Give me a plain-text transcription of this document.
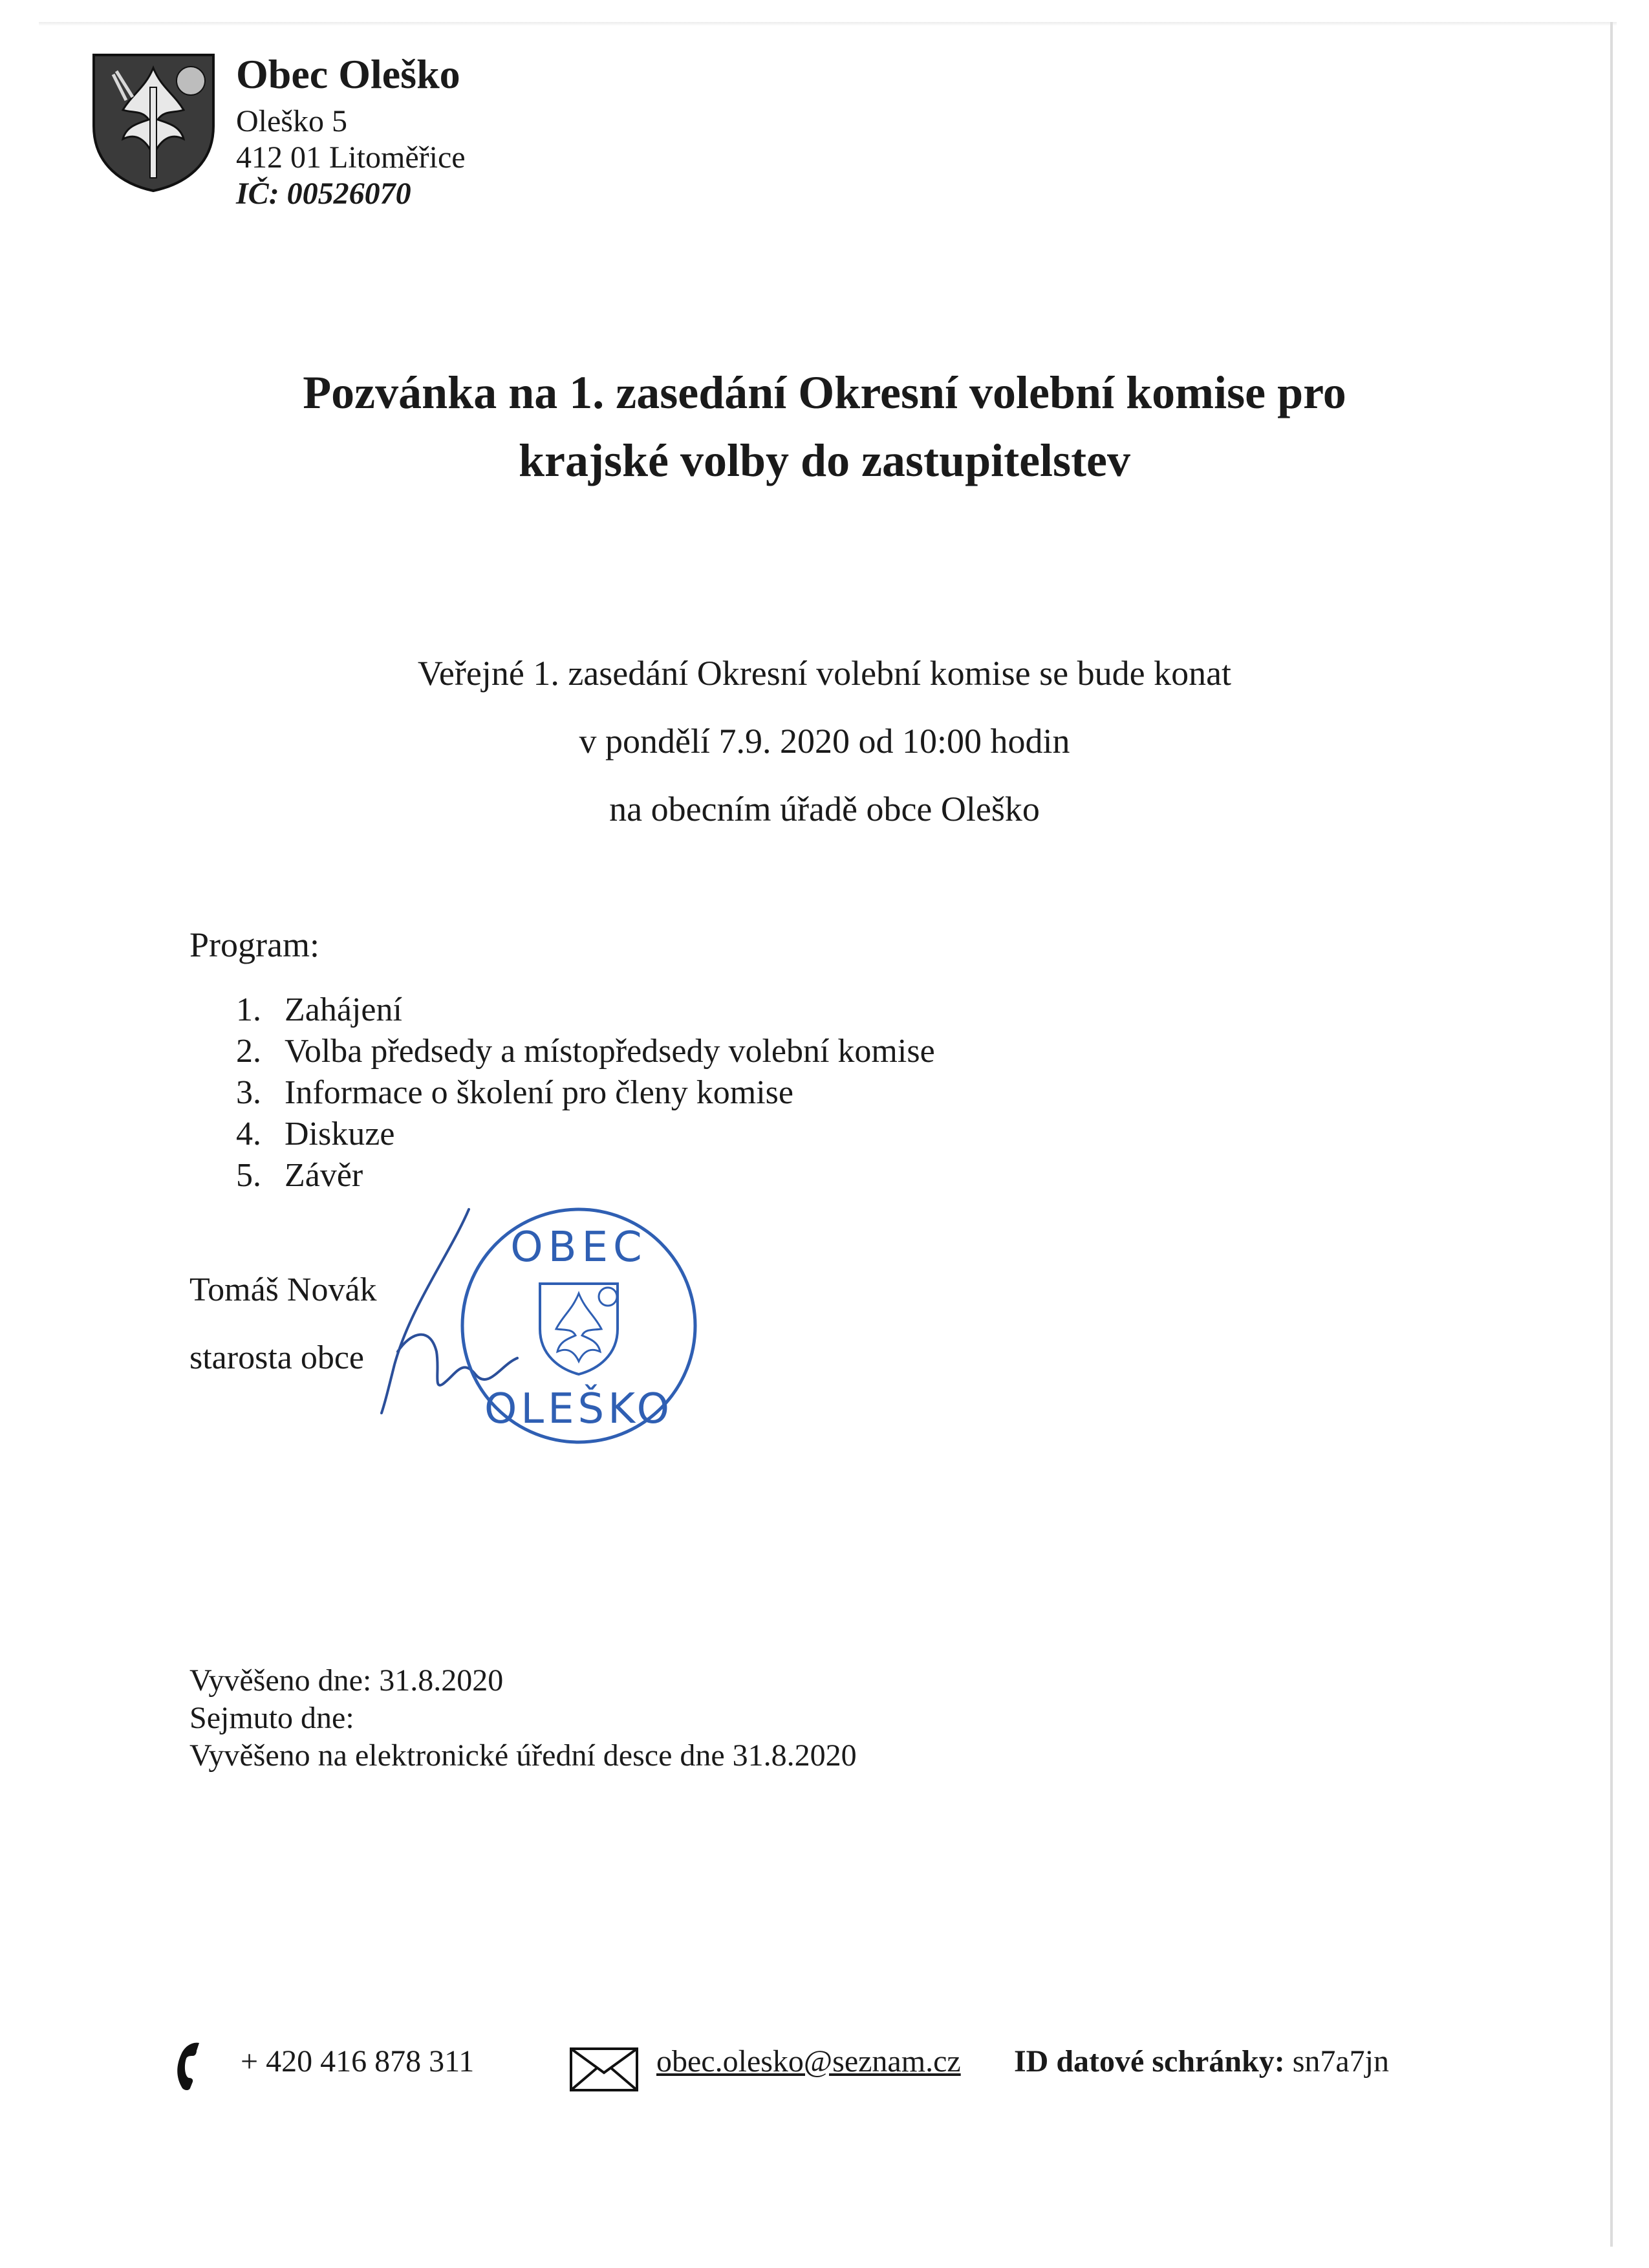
Obec Oleško
Oleško 5
412 01 Litoměřice
IČ: 00526070
Pozvánka na 1. zasedání Okresní volební komise pro
krajské volby do zastupitelstev
Veřejné 1. zasedání Okresní volební komise se bude konat
v pondělí 7.9. 2020 od 10:00 hodin
na obecním úřadě obce Oleško
Program:
1. Zahájení
2. Volba předsedy a místopředsedy volební komise
3. Informace o školení pro členy komise
4. Diskuze
5. Závěr
Tomáš Novák
starosta obce
OBEC
OLEŠKO
Vyvěšeno dne: 31.8.2020
Sejmuto dne:
Vyvěšeno na elektronické úřední desce dne 31.8.2020
+ 420 416 878 311	obec.olesko@seznam.cz ID datové schránky: sn7a7jn
